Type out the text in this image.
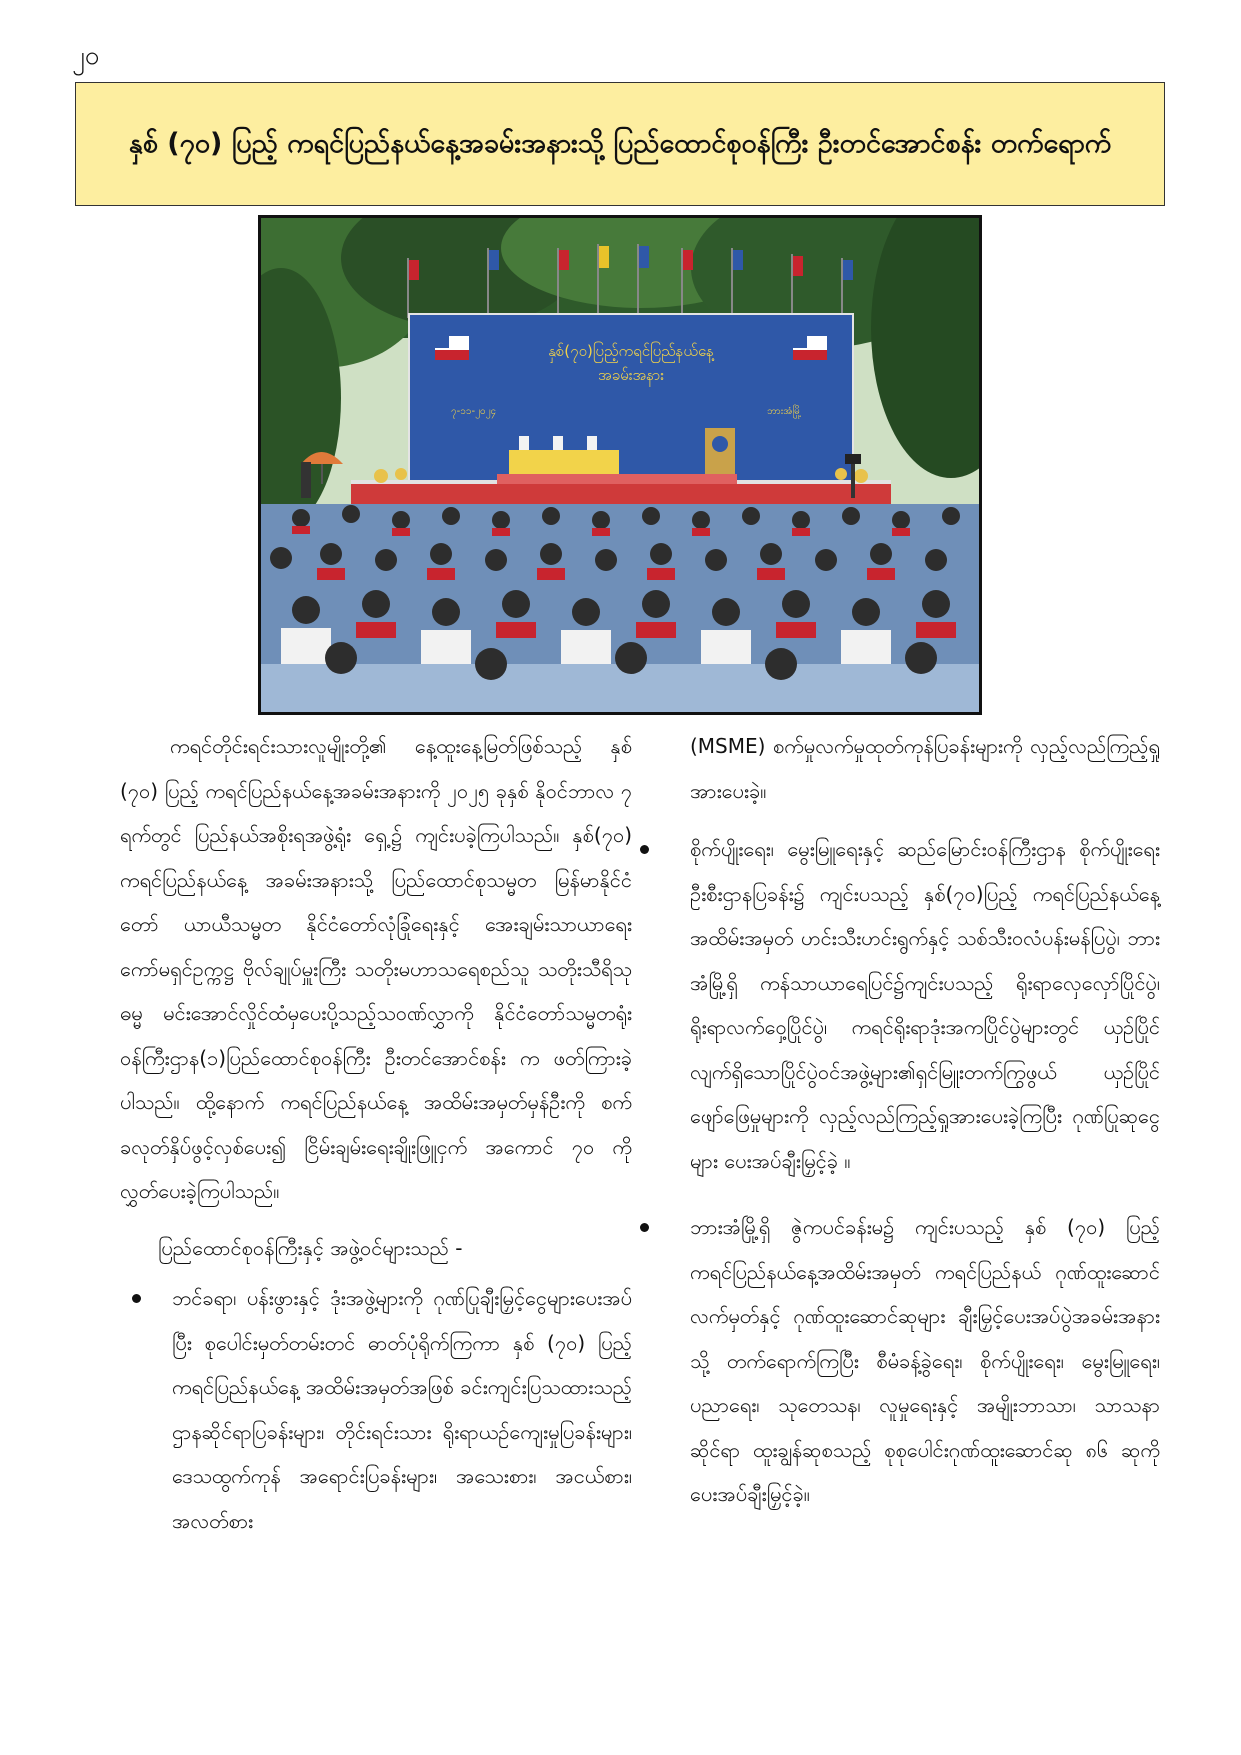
၂၀
နှစ် (၇၀) ပြည့် ကရင်ပြည်နယ်နေ့အခမ်းအနားသို့ ပြည်ထောင်စုဝန်ကြီး ဦးတင်အောင်စန်း တက်ရောက်
နှစ်(၇၀)ပြည့်ကရင်ပြည်နယ်နေ့
အခမ်းအနား
၇-၁၁-၂၀၂၄	ဘားအံမြို့

ကရင်တိုင်းရင်းသားလူမျိုးတို့၏ နေ့ထူးနေ့မြတ်ဖြစ်သည့် နှစ် (၇၀) ပြည့် ကရင်ပြည်နယ်နေ့အခမ်းအနားကို ၂၀၂၅ ခုနှစ် နိုဝင်ဘာလ ၇ ရက်တွင် ပြည်နယ်အစိုးရအဖွဲ့ရုံး ရှေ့၌ ကျင်းပခဲ့ကြပါသည်။ နှစ်(၇၀) ကရင်ပြည်နယ်နေ့ အခမ်းအနားသို့ ပြည်ထောင်စုသမ္မတ မြန်မာနိုင်ငံတော် ယာယီသမ္မတ နိုင်ငံတော်လုံခြုံရေးနှင့် အေးချမ်းသာယာရေး ကော်မရှင်ဥက္ကဋ္ဌ ဗိုလ်ချုပ်မှူးကြီး သတိုးမဟာသရေစည်သူ သတိုးသီရိသုဓမ္မ မင်းအောင်လှိုင်ထံမှပေးပို့သည့်သဝဏ်လွှာကို နိုင်ငံတော်သမ္မတရုံးဝန်ကြီးဌာန(၁)ပြည်ထောင်စုဝန်ကြီး ဦးတင်အောင်စန်း က ဖတ်ကြားခဲ့ပါသည်။ ထို့နောက် ကရင်ပြည်နယ်နေ့ အထိမ်းအမှတ်မှန်ဦးကို စက်ခလုတ်နှိပ်ဖွင့်လှစ်ပေး၍ ငြိမ်းချမ်းရေးချိုးဖြူငှက် အကောင် ၇၀ ကို လွှတ်ပေးခဲ့ကြပါသည်။

ပြည်ထောင်စုဝန်ကြီးနှင့် အဖွဲ့ဝင်များသည် -

ဘင်ခရာ၊ ပန်းဖွားနှင့် ဒုံးအဖွဲ့များကို ဂုဏ်ပြုချီးမြှင့်ငွေများပေးအပ်ပြီး စုပေါင်းမှတ်တမ်းတင် ဓာတ်ပုံရိုက်ကြကာ နှစ် (၇၀) ပြည့် ကရင်ပြည်နယ်နေ့ အထိမ်းအမှတ်အဖြစ် ခင်းကျင်းပြသထားသည့် ဌာနဆိုင်ရာပြခန်းများ၊ တိုင်းရင်းသား ရိုးရာယဉ်ကျေးမှုပြခန်းများ၊ ဒေသထွက်ကုန် အရောင်းပြခန်းများ၊ အသေးစား၊ အငယ်စား၊ အလတ်စား

(MSME) စက်မှုလက်မှုထုတ်ကုန်ပြခန်းများကို လှည့်လည်ကြည့်ရှုအားပေးခဲ့။

စိုက်ပျိုးရေး၊ မွေးမြူရေးနှင့် ဆည်မြောင်းဝန်ကြီးဌာန စိုက်ပျိုးရေးဦးစီးဌာနပြခန်း၌ ကျင်းပသည့် နှစ်(၇၀)ပြည့် ကရင်ပြည်နယ်နေ့အထိမ်းအမှတ် ဟင်းသီးဟင်းရွက်နှင့် သစ်သီးဝလံပန်းမန်ပြပွဲ၊ ဘားအံမြို့ရှိ ကန်သာယာရေပြင်၌ကျင်းပသည့် ရိုးရာလှေလှော်ပြိုင်ပွဲ၊ ရိုးရာလက်ဝှေ့ပြိုင်ပွဲ၊ ကရင်ရိုးရာဒုံးအကပြိုင်ပွဲများတွင် ယှဉ်ပြိုင်လျက်ရှိသောပြိုင်ပွဲဝင်အဖွဲ့များ၏ရှင်မြူးတက်ကြွဖွယ် ယှဉ်ပြိုင်ဖျော်ဖြေမှုများကို လှည့်လည်ကြည့်ရှုအားပေးခဲ့ကြပြီး ဂုဏ်ပြုဆုငွေများ ပေးအပ်ချီးမြှင့်ခဲ့ ။
ဘားအံမြို့ရှိ ဇွဲကပင်ခန်းမ၌ ကျင်းပသည့် နှစ် (၇၀) ပြည့် ကရင်ပြည်နယ်နေ့အထိမ်းအမှတ် ကရင်ပြည်နယ် ဂုဏ်ထူးဆောင်လက်မှတ်နှင့် ဂုဏ်ထူးဆောင်ဆုများ ချီးမြှင့်ပေးအပ်ပွဲအခမ်းအနားသို့ တက်ရောက်ကြပြီး စီမံခန့်ခွဲရေး၊ စိုက်ပျိုးရေး၊ မွေးမြူရေး၊ ပညာရေး၊ သုတေသန၊ လူမှုရေးနှင့် အမျိုးဘာသာ၊ သာသနာဆိုင်ရာ ထူးချွန်ဆုစသည့် စုစုပေါင်းဂုဏ်ထူးဆောင်ဆု ၈၆ ဆုကို ပေးအပ်ချီးမြှင့်ခဲ့။
